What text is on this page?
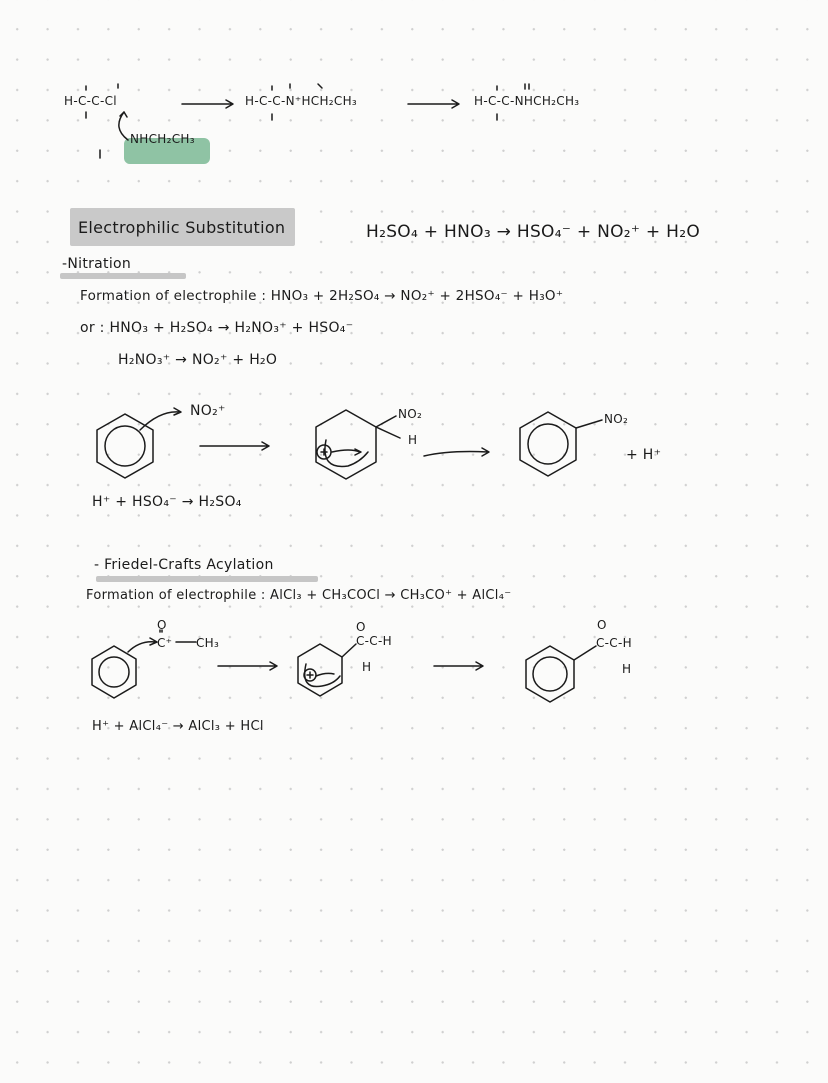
NHCH₂CH₃
H-C-C-Cl	H-C-C-N⁺HCH₂CH₃	H-C-C-NHCH₂CH₃
Electrophilic Substitution	H₂SO₄ + HNO₃ → HSO₄⁻ + NO₂⁺ + H₂O
-Nitration
Formation of electrophile : HNO₃ + 2H₂SO₄ → NO₂⁺ + 2HSO₄⁻ + H₃O⁺
or : HNO₃ + H₂SO₄ → H₂NO₃⁺ + HSO₄⁻
H₂NO₃⁺ → NO₂⁺ + H₂O
NO₂⁺	NO₂
H
NO₂
+ H⁺
H⁺ + HSO₄⁻ → H₂SO₄
- Friedel-Crafts Acylation
Formation of electrophile : AlCl₃ + CH₃COCl → CH₃CO⁺ + AlCl₄⁻
O
C⁺ CH₃
O
C-C-H
H
O
C-C-H
H
H⁺ + AlCl₄⁻ → AlCl₃ + HCl
